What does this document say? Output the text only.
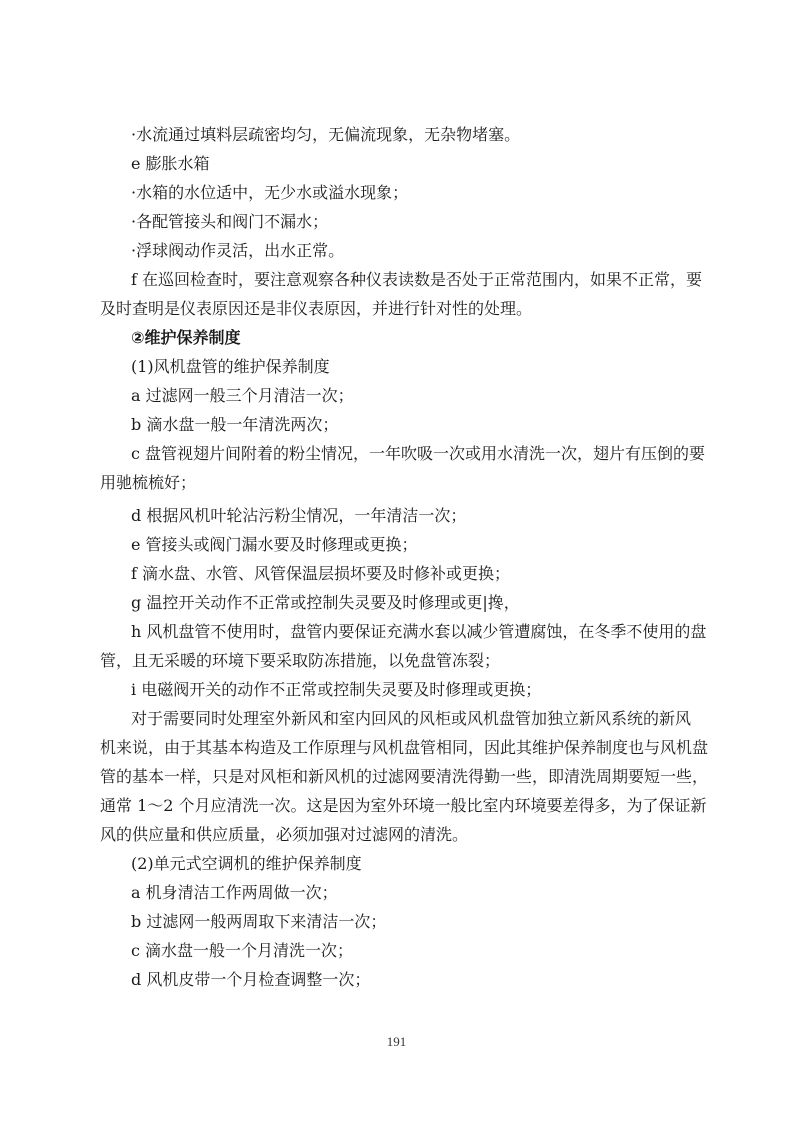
·水流通过填料层疏密均匀，无偏流现象，无杂物堵塞。
e 膨胀水箱
·水箱的水位适中，无少水或溢水现象；
·各配管接头和阀门不漏水；
·浮球阀动作灵活，出水正常。
f 在巡回检查时，要注意观察各种仪表读数是否处于正常范围内，如果不正常，要
及时查明是仪表原因还是非仪表原因，并进行针对性的处理。
②维护保养制度
(1)风机盘管的维护保养制度
a 过滤网一般三个月清洁一次；
b 滴水盘一般一年清洗两次；
c 盘管视翅片间附着的粉尘情况，一年吹吸一次或用水清洗一次，翅片有压倒的要
用驰梳梳好；
d 根据风机叶轮沾污粉尘情况，一年清洁一次；
e 管接头或阀门漏水要及时修理或更换；
f 滴水盘、水管、风管保温层损坏要及时修补或更换；
g 温控开关动作不正常或控制失灵要及时修理或更|搀，
h 风机盘管不使用时，盘管内要保证充满水套以减少管遭腐蚀，在冬季不使用的盘
管，且无采暖的环境下要采取防冻措施，以免盘管冻裂；
i 电磁阀开关的动作不正常或控制失灵要及时修理或更换；
对于需要同时处理室外新风和室内回风的风柜或风机盘管加独立新风系统的新风
机来说，由于其基本构造及工作原理与风机盘管相同，因此其维护保养制度也与风机盘
管的基本一样，只是对风柜和新风机的过滤网要清洗得勤一些，即清洗周期要短一些，
通常 1～2 个月应清洗一次。这是因为室外环境一般比室内环境要差得多，为了保证新
风的供应量和供应质量，必须加强对过滤网的清洗。
(2)单元式空调机的维护保养制度
a 机身清洁工作两周做一次；
b 过滤网一般两周取下来清洁一次；
c 滴水盘一般一个月清洗一次；
d 风机皮带一个月检查调整一次；
191
